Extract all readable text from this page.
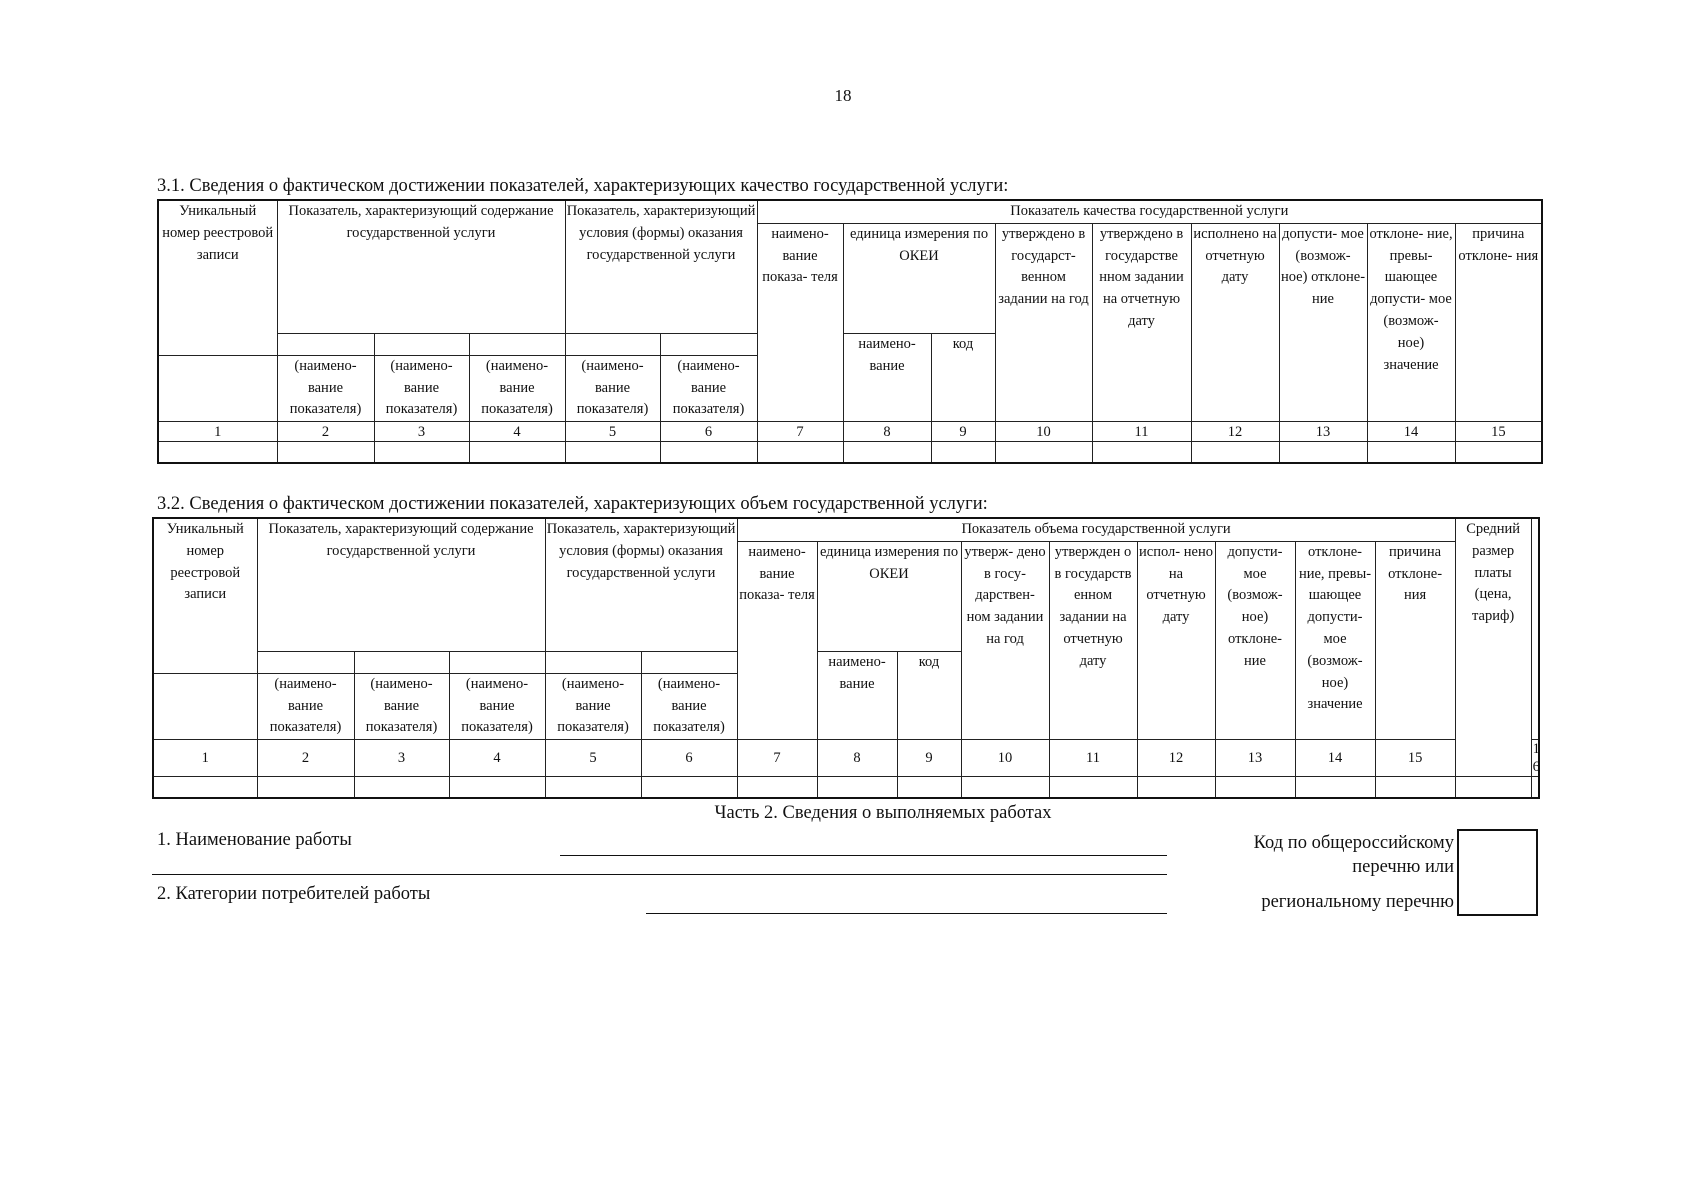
18
3.1. Сведения о фактическом достижении показателей, характеризующих качество государственной услуги:
Уникальный номер реестровой записи	Показатель, характеризующий содержание государственной услуги			Показатель, характеризующий условия (формы) оказания государственной услуги		Показатель качества государственной услуги								
						наимено- вание показа- теля	единица измерения по ОКЕИ		утверждено в государст- венном задании на год	утверждено в государстве нном задании на отчетную дату	исполнено на отчетную дату	допусти- мое (возмож- ное) отклоне- ние	отклоне- ние, превы- шающее допусти- мое (возмож- ное) значение	причина отклоне- ния
							наимено- вание	код						
	(наимено- вание показателя)	(наимено- вание показателя)	(наимено- вание показателя)	(наимено- вание показателя)	(наимено- вание показателя)									
1	2	3	4	5	6	7	8	9	10	11	12	13	14	15

3.2. Сведения о фактическом достижении показателей, характеризующих объем государственной услуги:
Уникальный номер реестровой записи	Показатель, характеризующий содержание государственной услуги			Показатель, характеризующий условия (формы) оказания государственной услуги		Показатель объема государственной услуги									Средний размер платы (цена, тариф)	
						наимено- вание показа- теля	единица измерения по ОКЕИ		утверж- дено в госу- дарствен- ном задании на год	утвержден о в государств енном задании на отчетную дату	испол- нено на отчетную дату	допусти- мое (возмож- ное) отклоне- ние	отклоне- ние, превы- шающее допусти- мое (возмож- ное) значение	причина отклоне- ния		
							наимено- вание	код								
	(наимено- вание показателя)	(наимено- вание показателя)	(наимено- вание показателя)	(наимено- вание показателя)	(наимено- вание показателя)											
1	2	3	4	5	6	7	8	9	10	11	12	13	14	15		16

Часть 2. Сведения о выполняемых работах
1. Наименование работы
2. Категории потребителей работы
Код по общероссийскому
перечню или
региональному перечню
